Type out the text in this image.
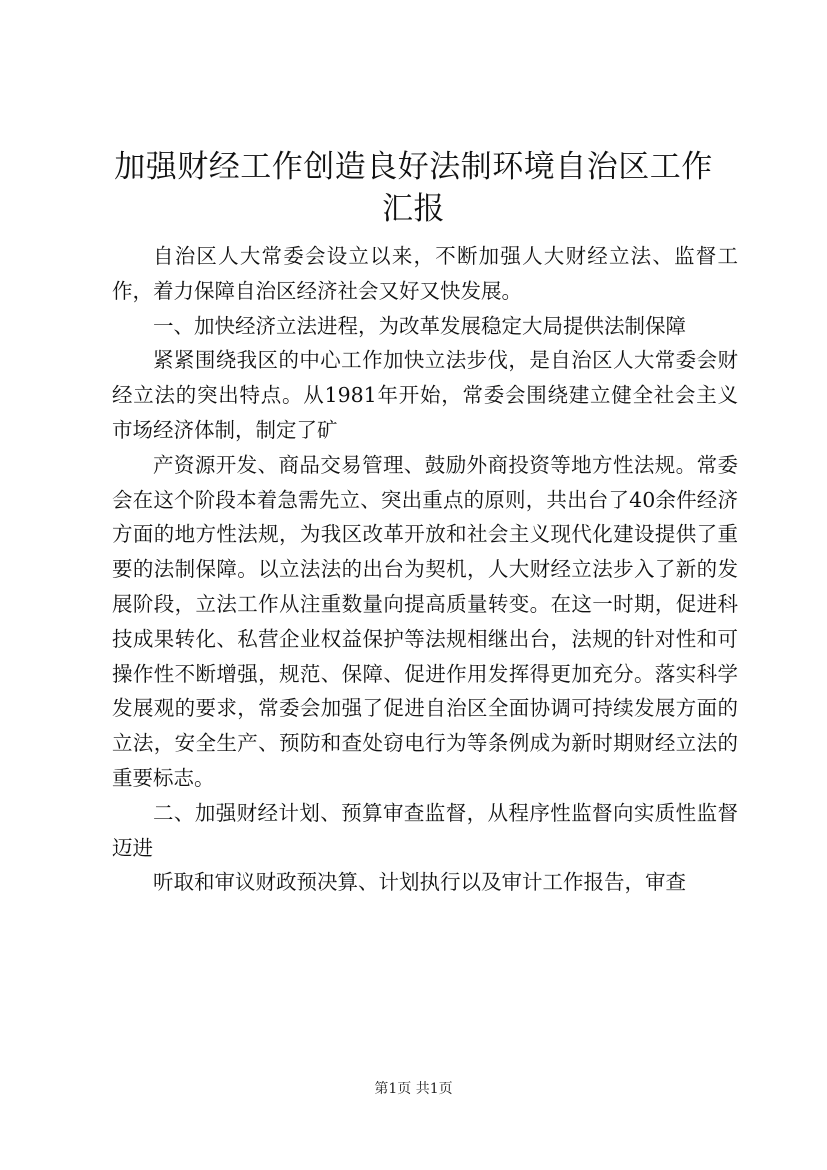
加强财经工作创造良好法制环境自治区工作汇报

自治区人大常委会设立以来，不断加强人大财经立法、监督工作，着力保障自治区经济社会又好又快发展。

一、加快经济立法进程，为改革发展稳定大局提供法制保障

紧紧围绕我区的中心工作加快立法步伐，是自治区人大常委会财经立法的突出特点。从1981年开始，常委会围绕建立健全社会主义市场经济体制，制定了矿

产资源开发、商品交易管理、鼓励外商投资等地方性法规。常委会在这个阶段本着急需先立、突出重点的原则，共出台了40余件经济方面的地方性法规，为我区改革开放和社会主义现代化建设提供了重要的法制保障。以立法法的出台为契机，人大财经立法步入了新的发展阶段，立法工作从注重数量向提高质量转变。在这一时期，促进科技成果转化、私营企业权益保护等法规相继出台，法规的针对性和可操作性不断增强，规范、保障、促进作用发挥得更加充分。落实科学发展观的要求，常委会加强了促进自治区全面协调可持续发展方面的立法，安全生产、预防和查处窃电行为等条例成为新时期财经立法的重要标志。

二、加强财经计划、预算审查监督，从程序性监督向实质性监督迈进

听取和审议财政预决算、计划执行以及审计工作报告，审查

第1页 共1页
